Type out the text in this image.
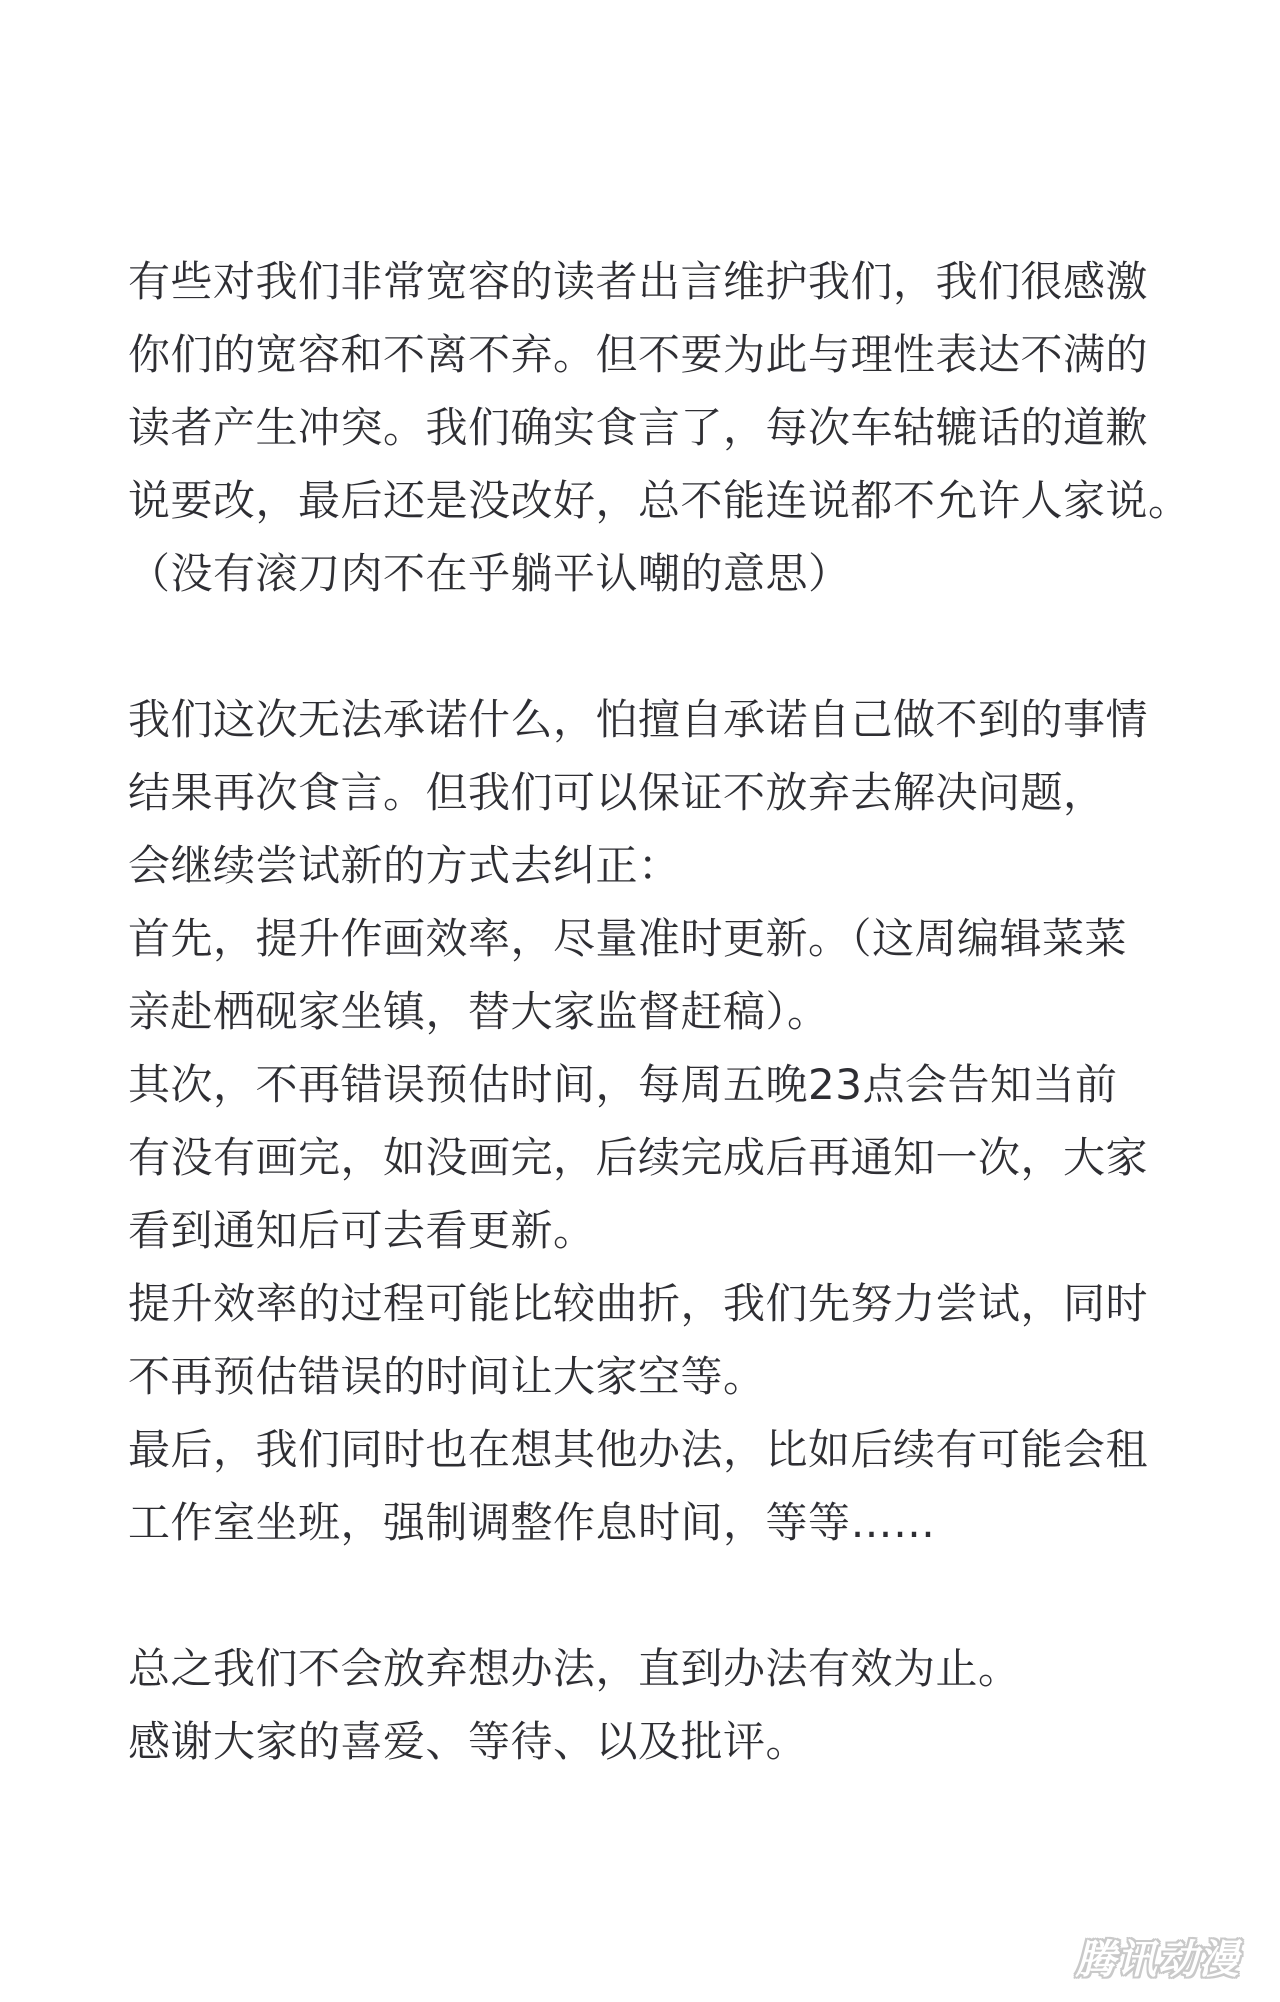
有些对我们非常宽容的读者出言维护我们，我们很感激
你们的宽容和不离不弃。但不要为此与理性表达不满的
读者产生冲突。我们确实食言了，每次车轱辘话的道歉
说要改，最后还是没改好，总不能连说都不允许人家说。
（没有滚刀肉不在乎躺平认嘲的意思）
我们这次无法承诺什么，怕擅自承诺自己做不到的事情
结果再次食言。但我们可以保证不放弃去解决问题，
会继续尝试新的方式去纠正：
首先，提升作画效率，尽量准时更新。（这周编辑菜菜
亲赴栖砚家坐镇，替大家监督赶稿）。
其次，不再错误预估时间，每周五晚23点会告知当前
有没有画完，如没画完，后续完成后再通知一次，大家
看到通知后可去看更新。
提升效率的过程可能比较曲折，我们先努力尝试，同时
不再预估错误的时间让大家空等。
最后，我们同时也在想其他办法，比如后续有可能会租
工作室坐班，强制调整作息时间，等等……
总之我们不会放弃想办法，直到办法有效为止。
感谢大家的喜爱、等待、以及批评。
腾讯动漫
